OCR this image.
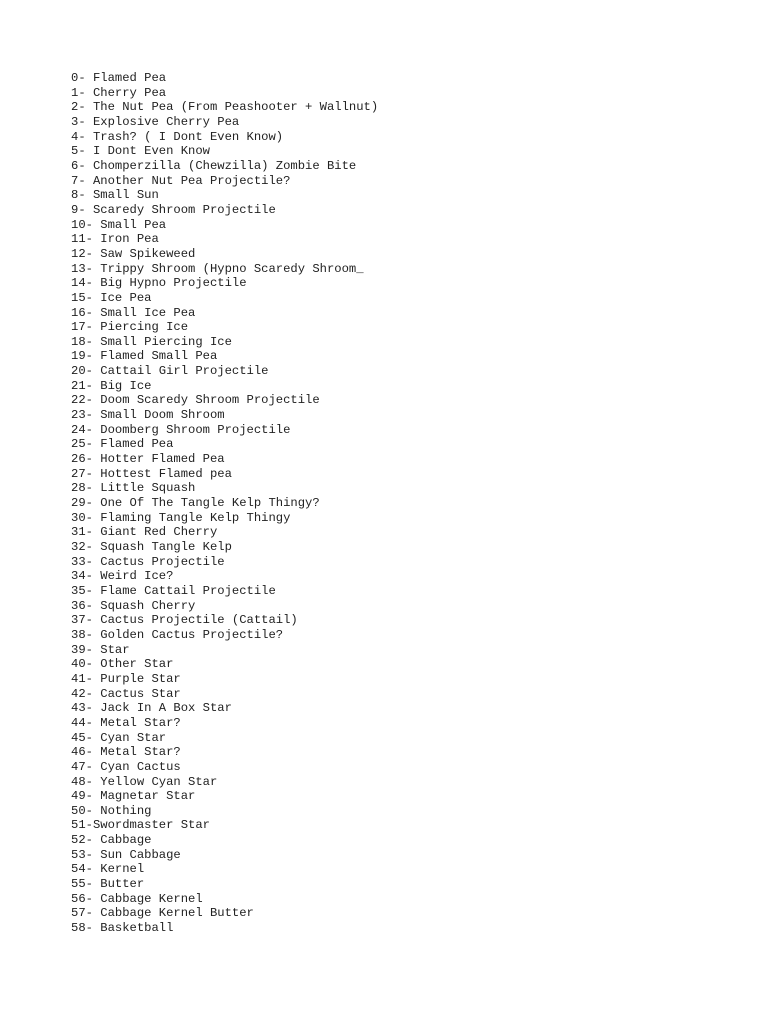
0- Flamed Pea
1- Cherry Pea
2- The Nut Pea (From Peashooter + Wallnut)
3- Explosive Cherry Pea
4- Trash? ( I Dont Even Know)
5- I Dont Even Know
6- Chomperzilla (Chewzilla) Zombie Bite
7- Another Nut Pea Projectile?
8- Small Sun
9- Scaredy Shroom Projectile
10- Small Pea
11- Iron Pea
12- Saw Spikeweed
13- Trippy Shroom (Hypno Scaredy Shroom_
14- Big Hypno Projectile
15- Ice Pea
16- Small Ice Pea
17- Piercing Ice
18- Small Piercing Ice
19- Flamed Small Pea
20- Cattail Girl Projectile
21- Big Ice
22- Doom Scaredy Shroom Projectile
23- Small Doom Shroom
24- Doomberg Shroom Projectile
25- Flamed Pea
26- Hotter Flamed Pea
27- Hottest Flamed pea
28- Little Squash
29- One Of The Tangle Kelp Thingy?
30- Flaming Tangle Kelp Thingy
31- Giant Red Cherry
32- Squash Tangle Kelp
33- Cactus Projectile
34- Weird Ice?
35- Flame Cattail Projectile
36- Squash Cherry
37- Cactus Projectile (Cattail)
38- Golden Cactus Projectile?
39- Star
40- Other Star
41- Purple Star
42- Cactus Star
43- Jack In A Box Star
44- Metal Star?
45- Cyan Star
46- Metal Star?
47- Cyan Cactus
48- Yellow Cyan Star
49- Magnetar Star
50- Nothing
51-Swordmaster Star
52- Cabbage
53- Sun Cabbage
54- Kernel
55- Butter
56- Cabbage Kernel
57- Cabbage Kernel Butter
58- Basketball
